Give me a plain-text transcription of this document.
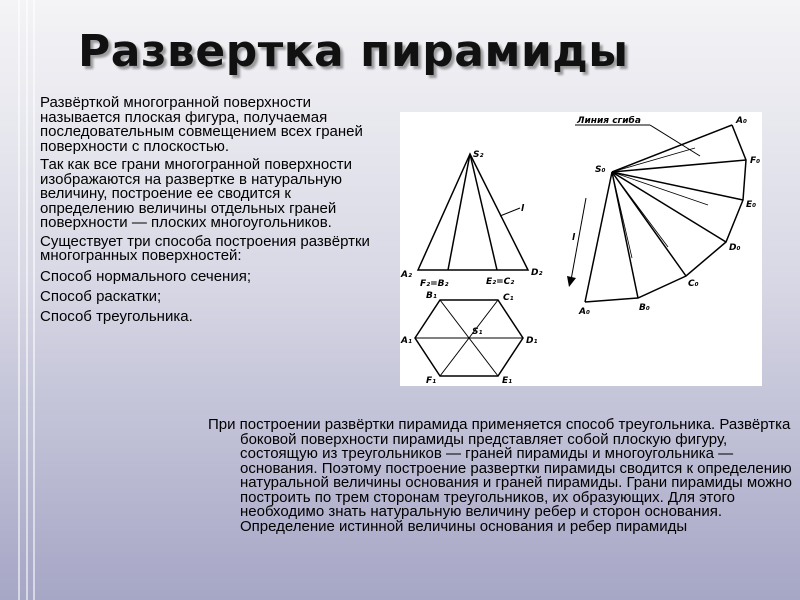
Развертка пирамиды

Развёрткой многогранной поверхности называется плоская фигура, получаемая последовательным совмещением всех граней поверхности с плоскостью.

Так как все грани многогранной поверхности изображаются на развертке в натуральную величину, построение ее сводится к определению величины отдельных граней поверхности — плоских многоугольников.

Существует три способа построения развёртки многогранных поверхностей:

Способ нормального сечения;

Способ раскатки;

Способ треугольника.

S₂
l
A₂
F₂=B₂	E₂=C₂
D₂
B₁	C₁
A₁
S₁
D₁
F₁	E₁
Линия сгиба
S₀
A₀
F₀
E₀
D₀
C₀
B₀
A₀
l

При построении развёртки пирамида применяется способ треугольника. Развёртка боковой поверхности пирамиды представляет собой плоскую фигуру, состоящую из треугольников — граней пирамиды и многоугольника — основания. Поэтому построение развертки пирамиды сводится к определению натуральной величины основания и граней пирамиды. Грани пирамиды можно построить по трем сторонам треугольников, их образующих. Для этого необходимо знать натуральную величину ребер и сторон основания. Определение истинной величины основания и ребер пирамиды
